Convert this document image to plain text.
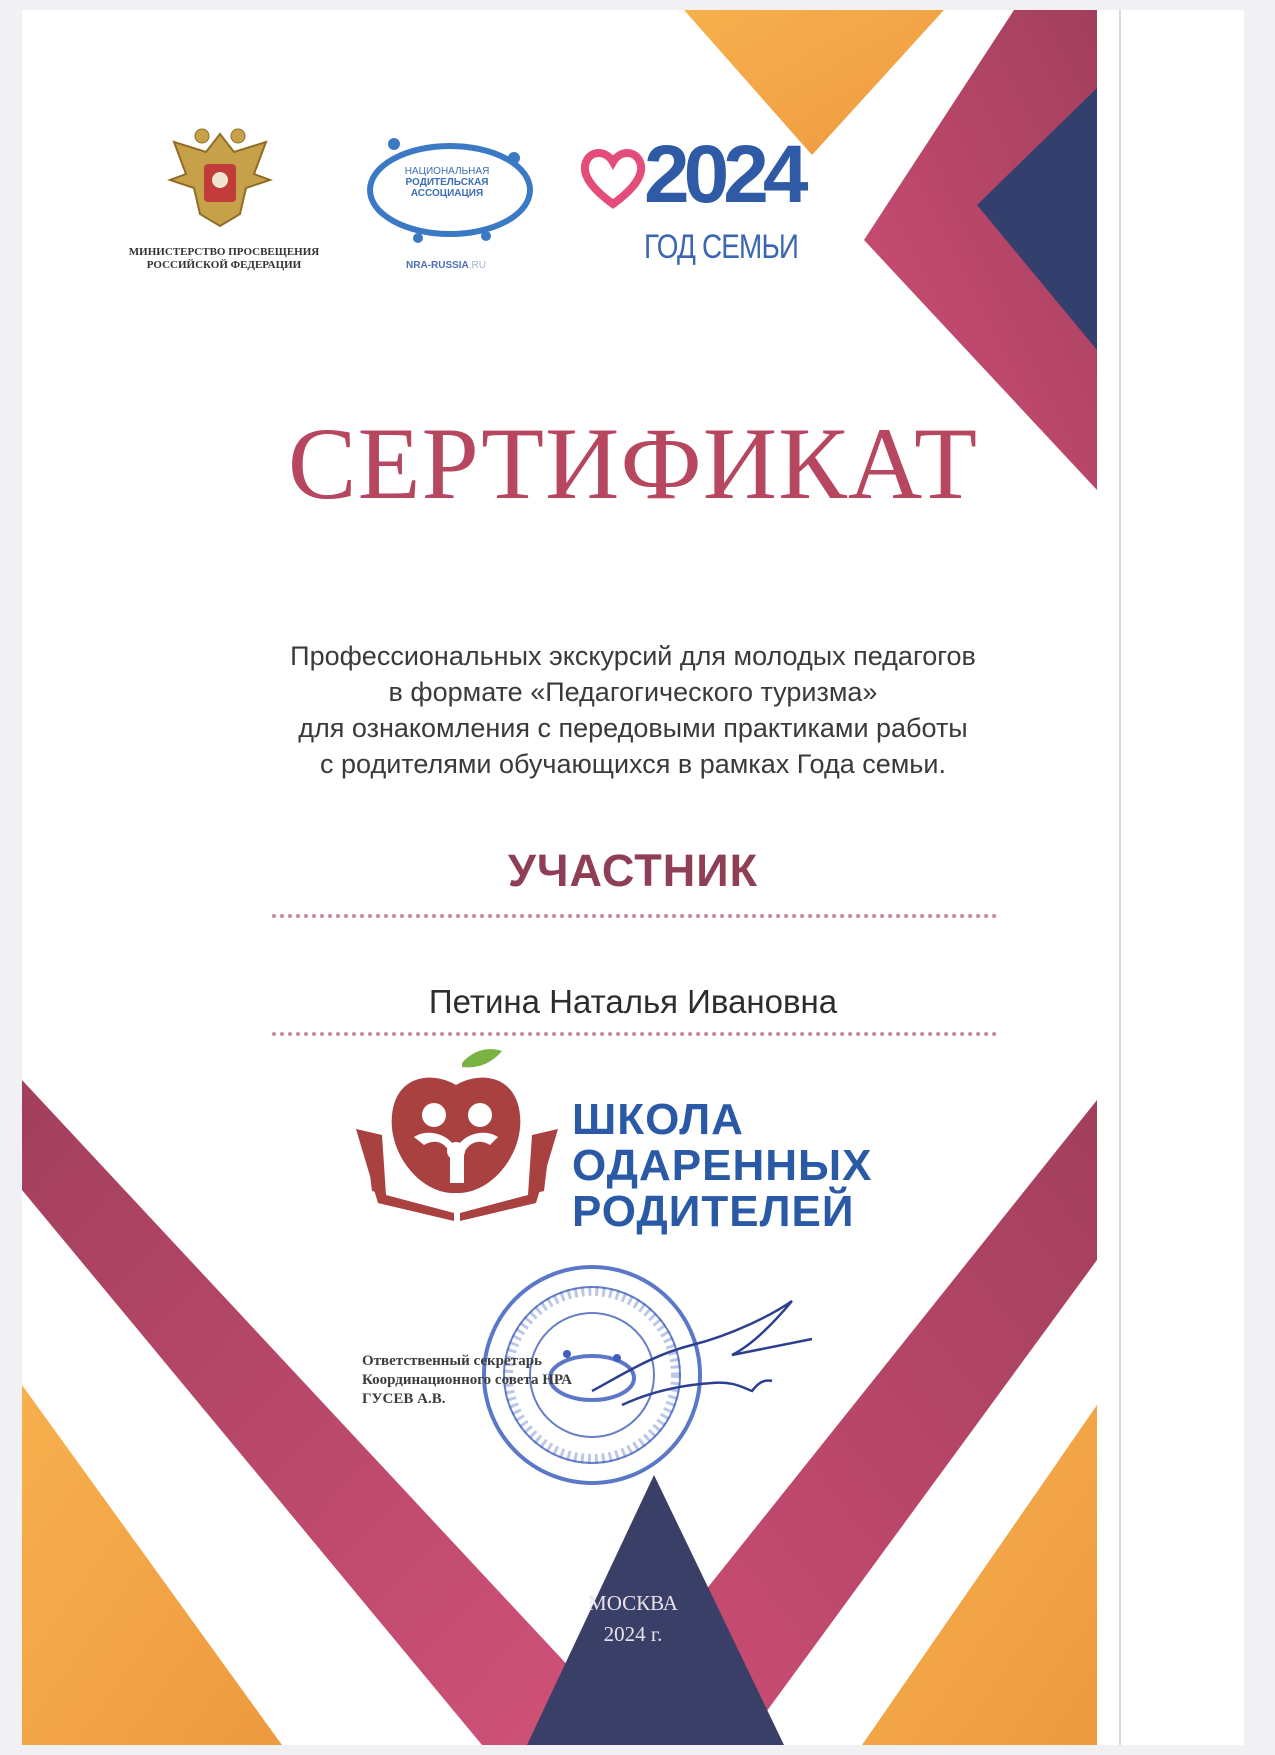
МИНИСТЕРСТВО ПРОСВЕЩЕНИЯ
РОССИЙСКОЙ ФЕДЕРАЦИИ
НАЦИОНАЛЬНАЯ
РОДИТЕЛЬСКАЯ
АССОЦИАЦИЯ
NRA-RUSSIA.RU
2024
ГОД СЕМЬИ
СЕРТИФИКАТ
Профессиональных экскурсий для молодых педагогов
в формате «Педагогического туризма»
для ознакомления с передовыми практиками работы
с родителями обучающихся в рамках Года семьи.
УЧАСТНИК
Петина Наталья Ивановна
ШКОЛА
ОДАРЕННЫХ
РОДИТЕЛЕЙ
Ответственный секретарь
Координационного совета НРА
ГУСЕВ А.В.
МОСКВА
2024 г.
